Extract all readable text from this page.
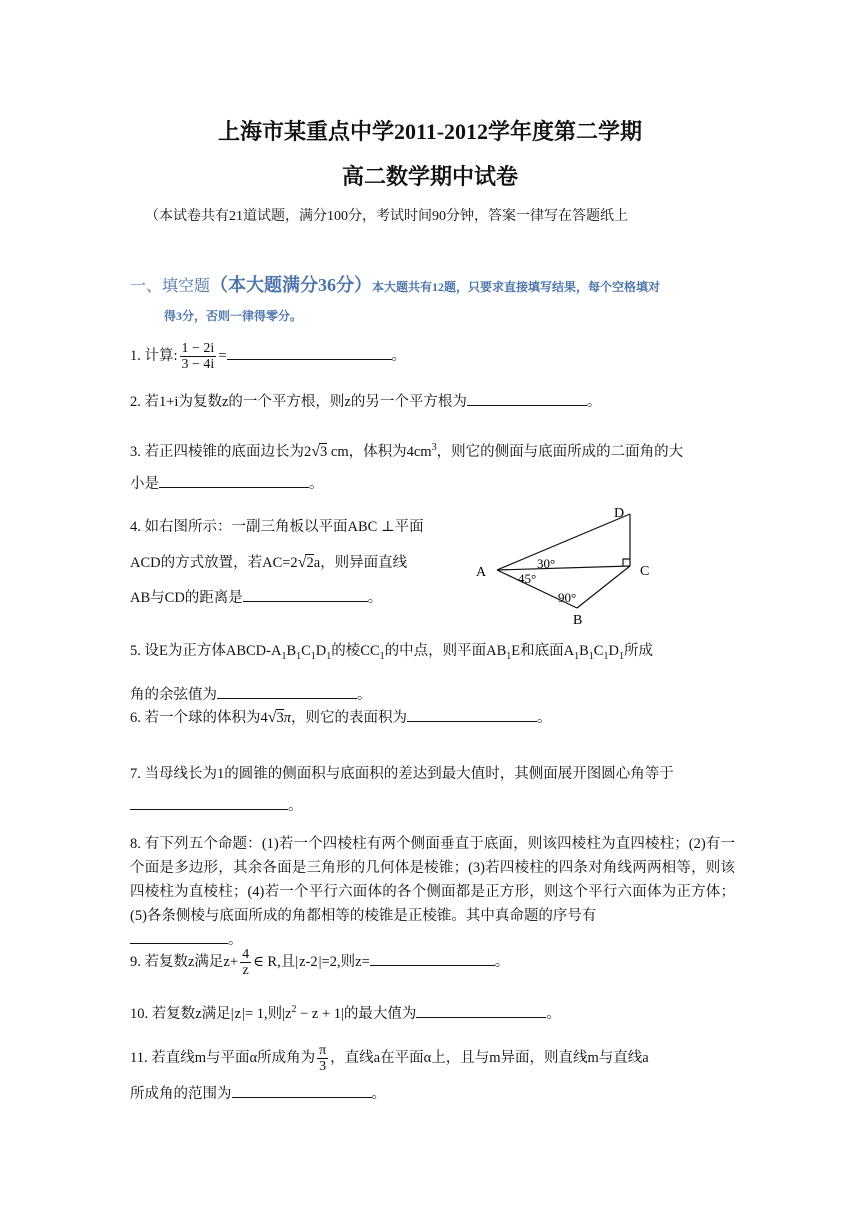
上海市某重点中学2011-2012学年度第二学期
高二数学期中试卷
（本试卷共有21道试题，满分100分，考试时间90分钟，答案一律写在答题纸上
一、填空题（本大题满分36分）本大题共有12题，只要求直接填写结果，每个空格填对
得3分，否则一律得零分。
1. 计算: $\frac{1 - 2i}{3 - 4i}$ =	。
2. 若1+i为复数z的一个平方根，则z的另一个平方根为	。
3. 若正四棱锥的底面边长为2√3 cm，体积为$4cm^3$，则它的侧面与底面所成的二面角的大
小是	。
4. 如右图所示：一副三角板以平面ABC ⊥平面
ACD的方式放置，若AC=2√2a，则异面直线
AB与CD的距离是	。
A
B
C
D
30°
45°
90°
5. 设E为正方体ABCD-$A_1B_1C_1D_1$的棱$CC_1$的中点，则平面$AB_1E$和底面$A_1B_1C_1D_1$所成
角的余弦值为	。
6. 若一个球的体积为4√3π，则它的表面积为	。
7. 当母线长为1的圆锥的侧面积与底面积的差达到最大值时，其侧面展开图圆心角等于
。
8. 有下列五个命题：(1)若一个四棱柱有两个侧面垂直于底面，则该四棱柱为直四棱柱；(2)有一个面是多边形，其余各面是三角形的几何体是棱锥；(3)若四棱柱的四条对角线两两相等，则该四棱柱为直棱柱；(4)若一个平行六面体的各个侧面都是正方形，则这个平行六面体为正方体；(5)各条侧棱与底面所成的角都相等的棱锥是正棱锥。其中真命题的序号有
。
9. 若复数z满足$z+ \frac{4}{z}$ ∈ R,且|z-2|=2,则z=	。
10. 若复数z满足|z|= 1,则$|z^2 - z + 1|$的最大值为	。
11. 若直线m与平面α所成角为 $\frac{\pi}{3}$ ，直线a在平面α上，且与m异面，则直线m与直线a
所成角的范围为	。
